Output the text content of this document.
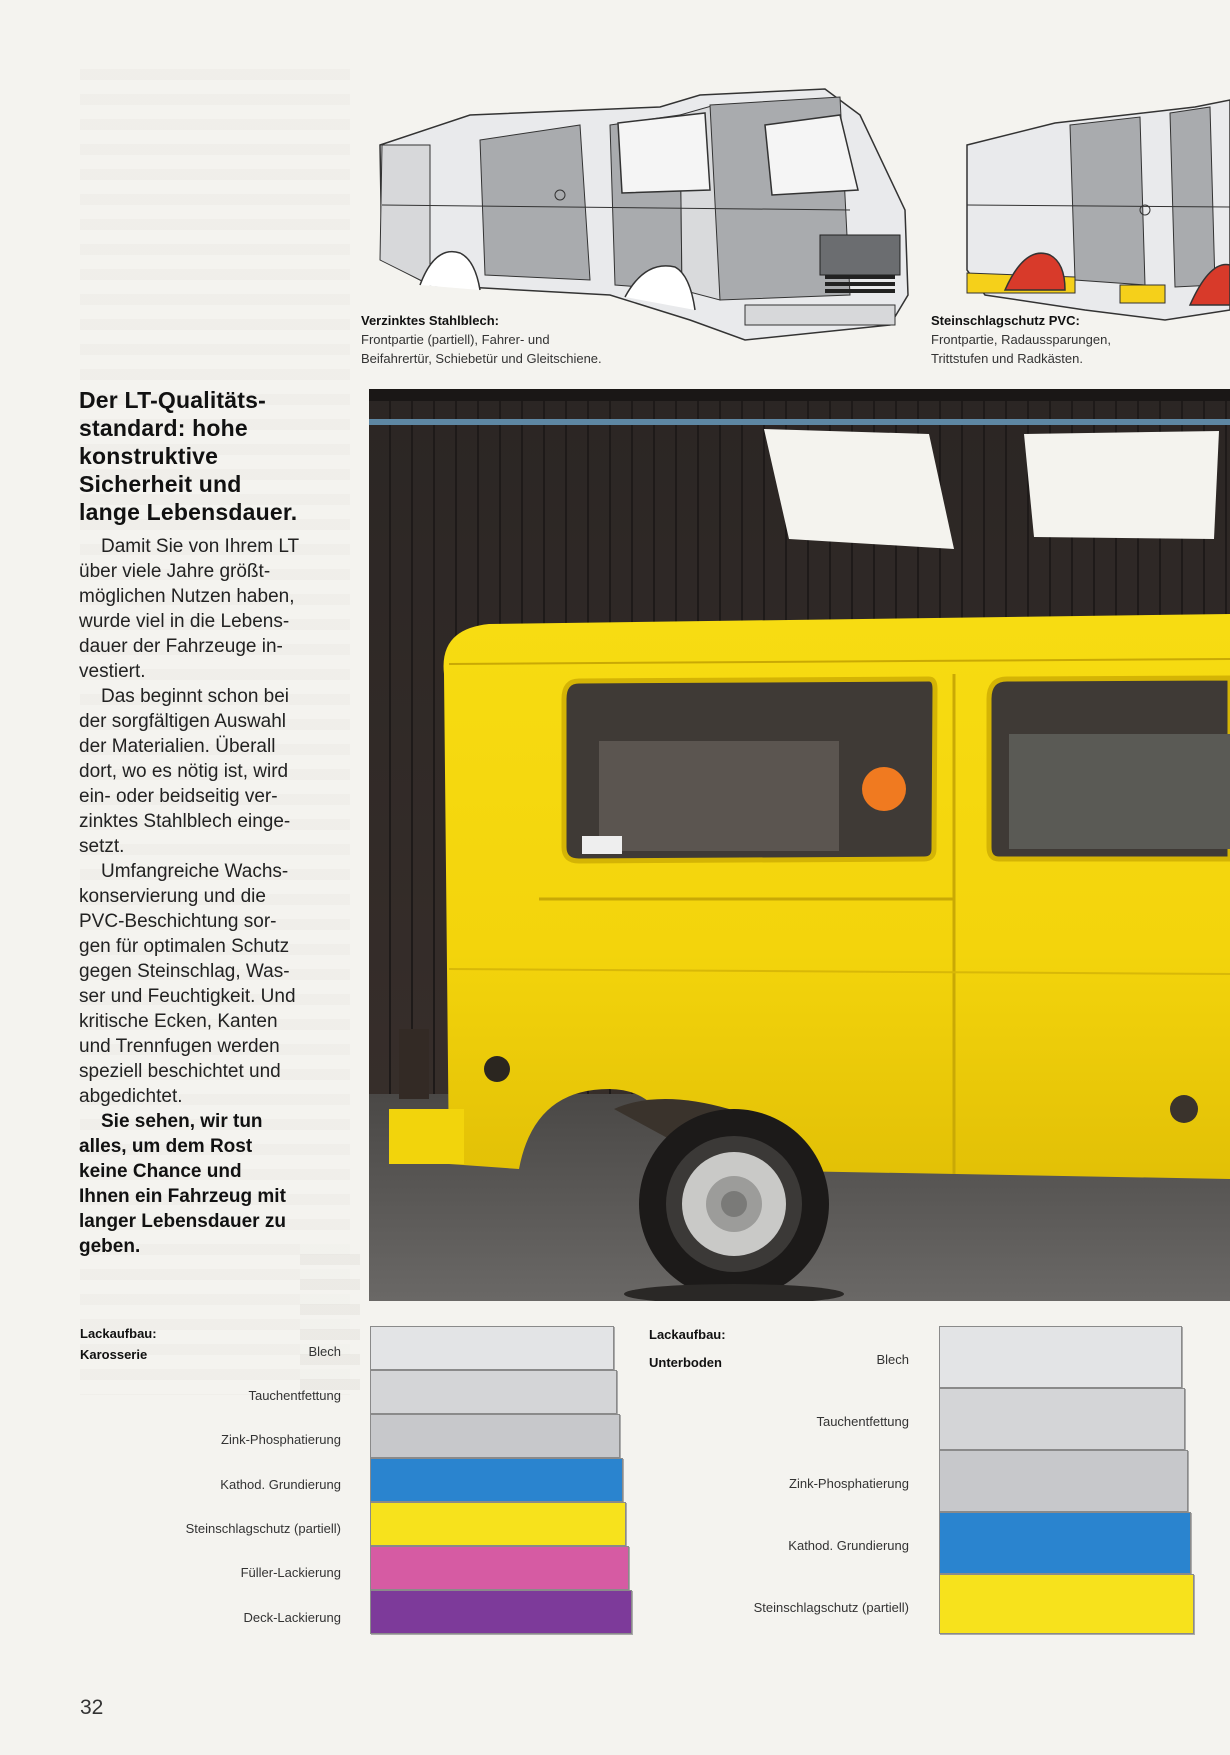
Verzinktes Stahlblech:
Frontpartie (partiell), Fahrer- und
Beifahrertür, Schiebetür und Gleitschiene.
Steinschlagschutz PVC:
Frontpartie, Radaussparungen,
Trittstufen und Radkästen.
Der LT-Qualitäts-
standard: hohe
konstruktive
Sicherheit und
lange Lebensdauer.

Damit Sie von Ihrem LT
über viele Jahre größt-
möglichen Nutzen haben,
wurde viel in die Lebens-
dauer der Fahrzeuge in-
vestiert.

Das beginnt schon bei
der sorgfältigen Auswahl
der Materialien. Überall
dort, wo es nötig ist, wird
ein- oder beidseitig ver-
zinktes Stahlblech einge-
setzt.

Umfangreiche Wachs-
konservierung und die
PVC-Beschichtung sor-
gen für optimalen Schutz
gegen Steinschlag, Was-
ser und Feuchtigkeit. Und
kritische Ecken, Kanten
und Trennfugen werden
speziell beschichtet und
abgedichtet.

Sie sehen, wir tun
alles, um dem Rost
keine Chance und
Ihnen ein Fahrzeug mit
langer Lebensdauer zu
geben.

Lackaufbau:
Karosserie	Blech
Tauchentfettung
Zink-Phosphatierung
Kathod. Grundierung
Steinschlagschutz (partiell)
Füller-Lackierung
Deck-Lackierung
Lackaufbau:
Unterboden	Blech
Tauchentfettung
Zink-Phosphatierung
Kathod. Grundierung
Steinschlagschutz (partiell)
32
